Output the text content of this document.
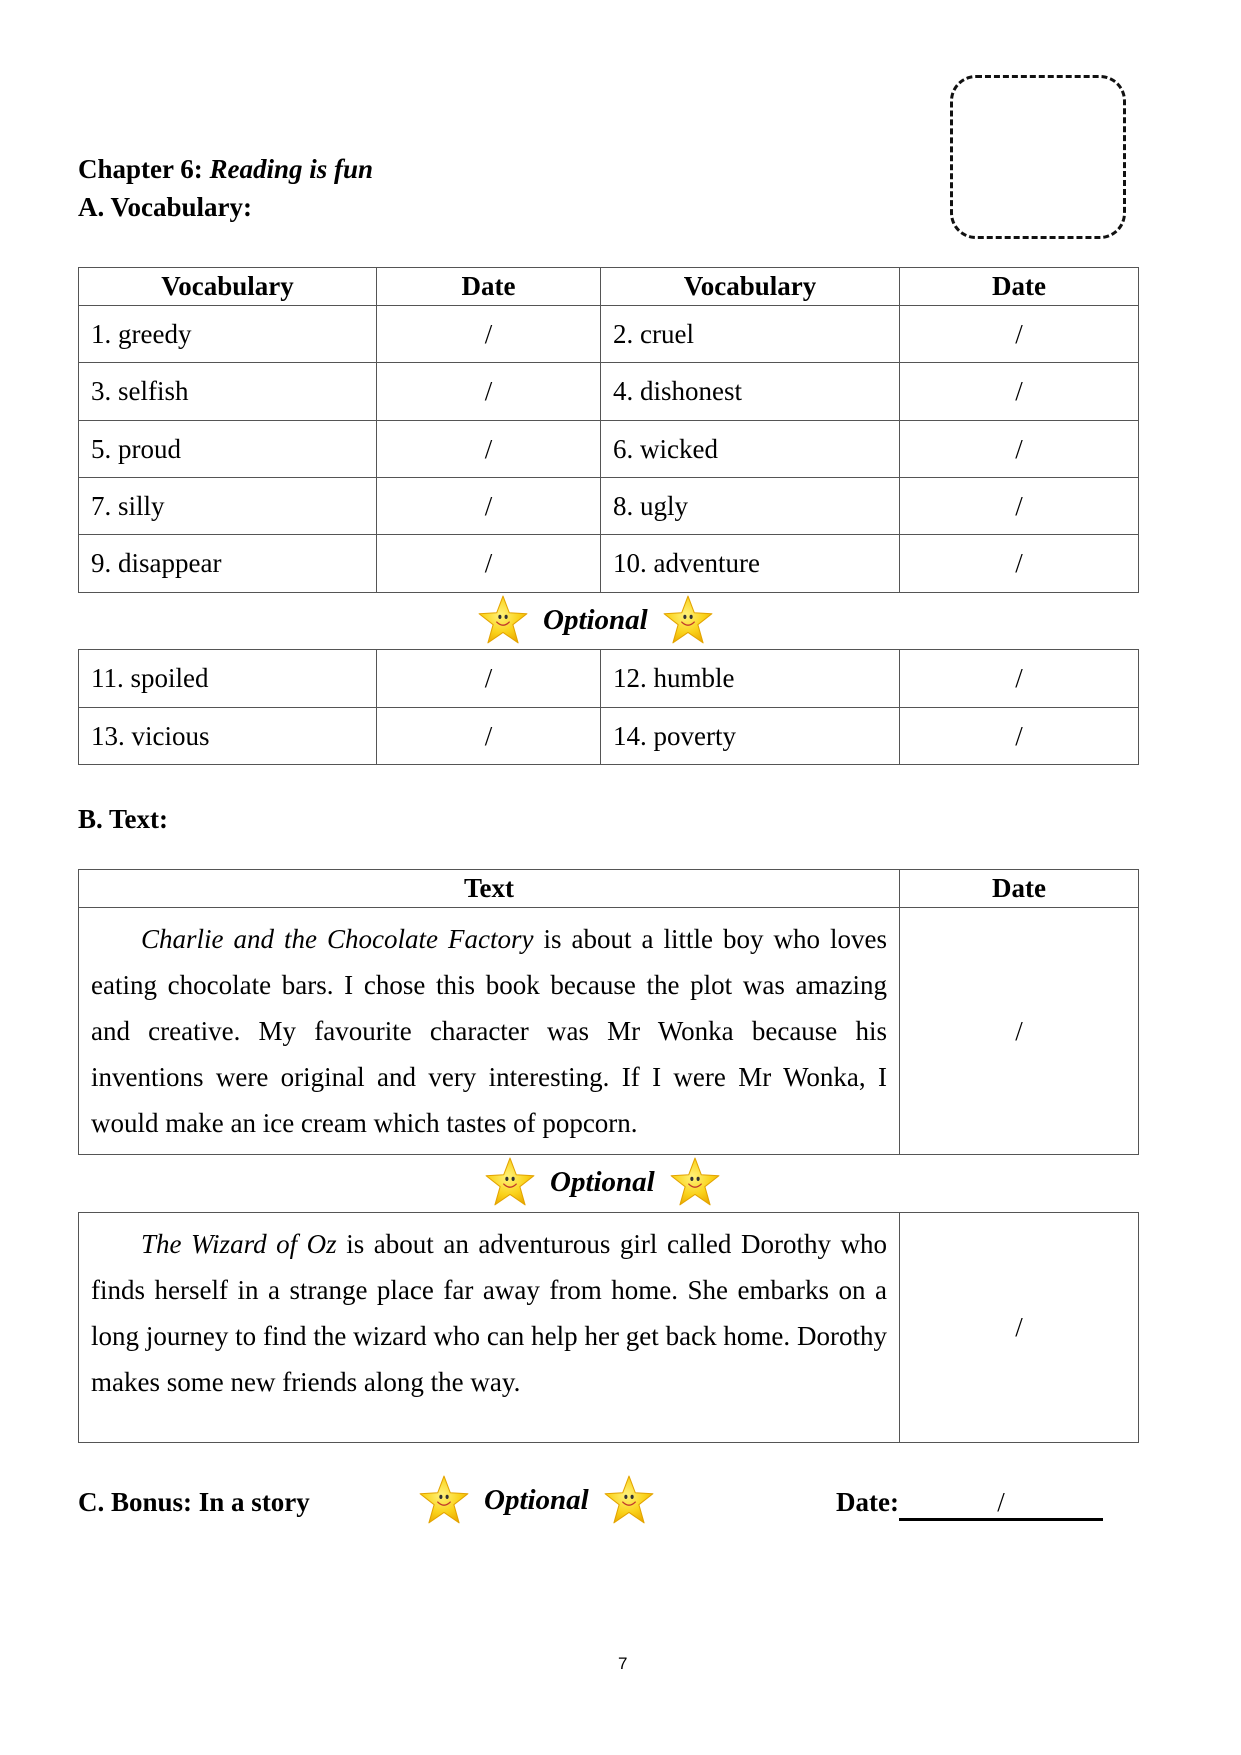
Chapter 6: Reading is fun
A. Vocabulary:
Vocabulary	Date	Vocabulary	Date
1. greedy	/	2. cruel	/
3. selfish	/	4. dishonest	/
5. proud	/	6. wicked	/
7. silly	/	8. ugly	/
9. disappear	/	10. adventure	/
Optional
11. spoiled	/	12. humble	/
13. vicious	/	14. poverty	/
B. Text:
Text	Date
Charlie and the Chocolate Factory is about a little boy who loves eating chocolate bars. I chose this book because the plot was amazing and creative. My favourite character was Mr Wonka because his inventions were original and very interesting. If I were Mr Wonka, I would make an ice cream which tastes of popcorn.	/
Optional
The Wizard of Oz is about an adventurous girl called Dorothy who finds herself in a strange place far away from home. She embarks on a long journey to find the wizard who can help her get back home. Dorothy makes some new friends along the way.	/
C. Bonus: In a story	Optional	Date:	/
7
